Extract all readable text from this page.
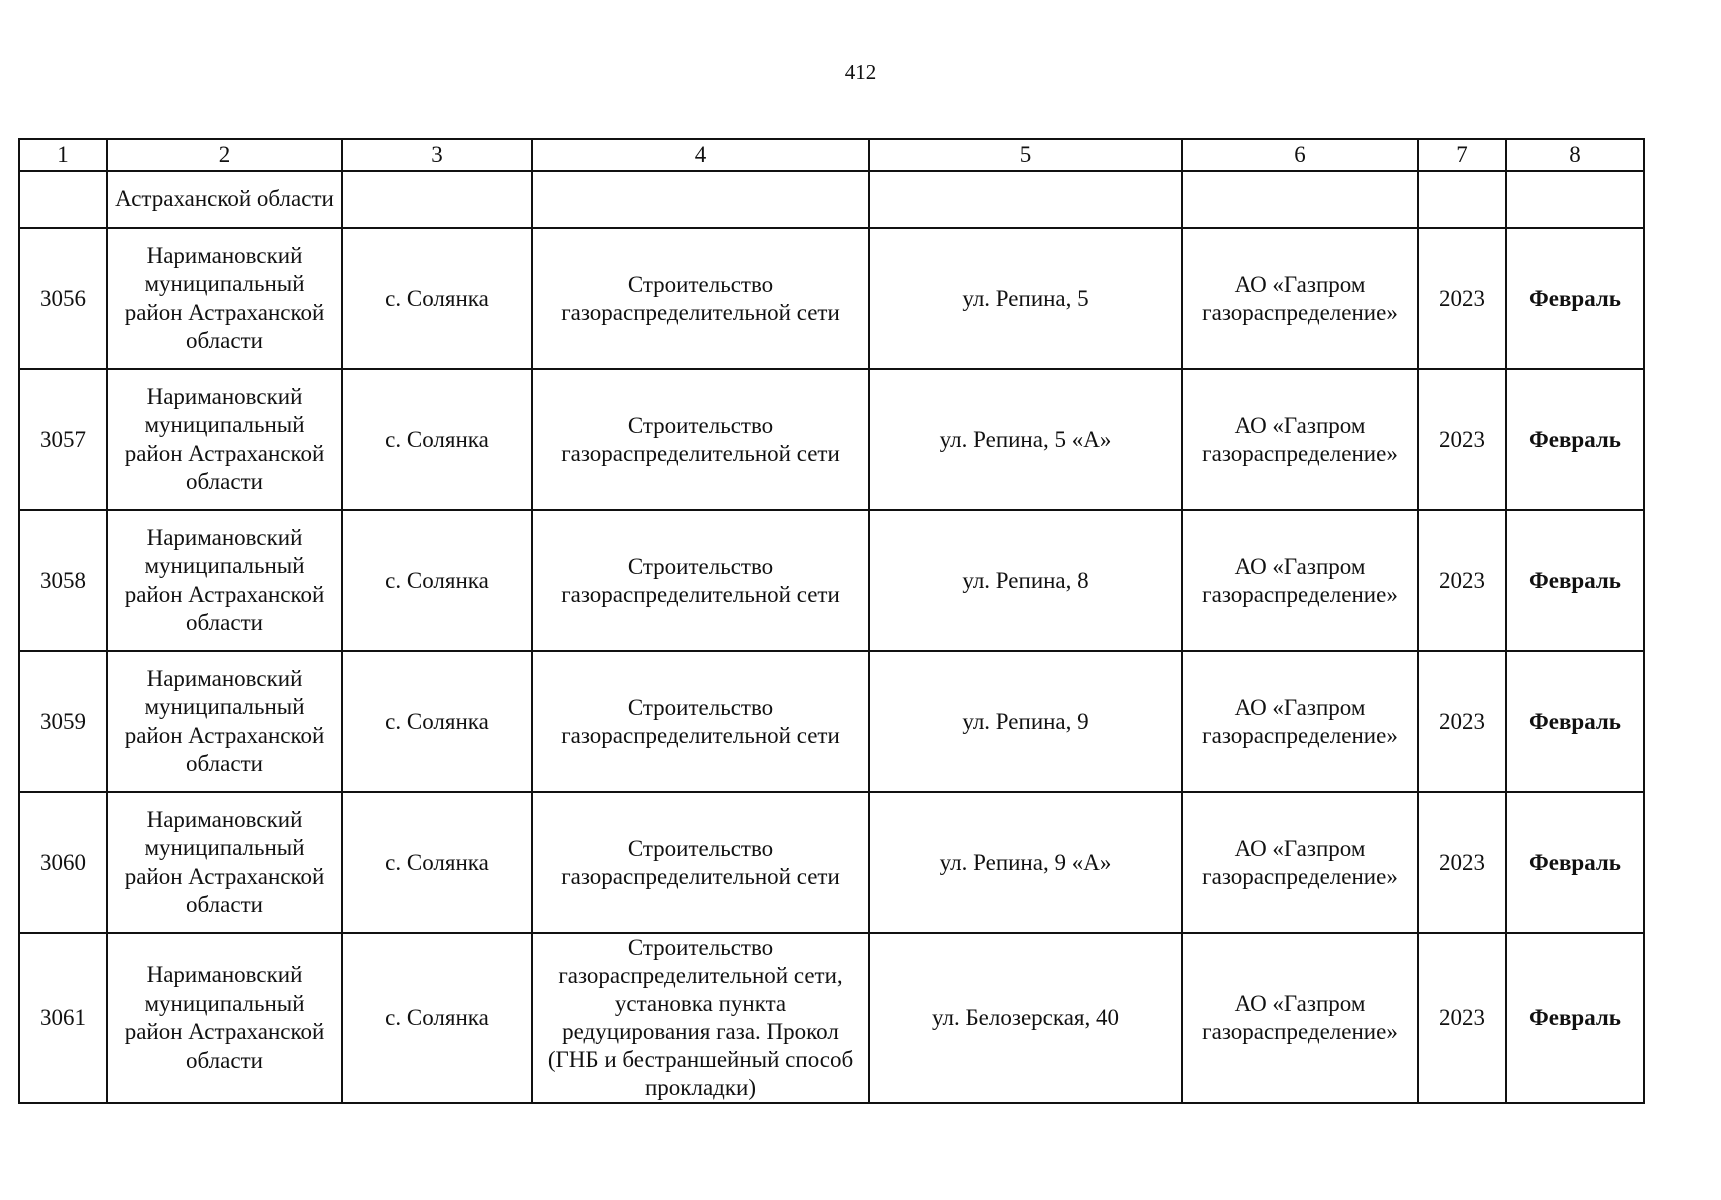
412
1	2	3	4	5	6	7	8
	Астраханской области						
3056	Наримановский муниципальный район Астраханской области	с. Солянка	Строительство газораспределительной сети	ул. Репина, 5	АО «Газпром газораспределение»	2023	Февраль
3057	Наримановский муниципальный район Астраханской области	с. Солянка	Строительство газораспределительной сети	ул. Репина, 5 «А»	АО «Газпром газораспределение»	2023	Февраль
3058	Наримановский муниципальный район Астраханской области	с. Солянка	Строительство газораспределительной сети	ул. Репина, 8	АО «Газпром газораспределение»	2023	Февраль
3059	Наримановский муниципальный район Астраханской области	с. Солянка	Строительство газораспределительной сети	ул. Репина, 9	АО «Газпром газораспределение»	2023	Февраль
3060	Наримановский муниципальный район Астраханской области	с. Солянка	Строительство газораспределительной сети	ул. Репина, 9 «А»	АО «Газпром газораспределение»	2023	Февраль
3061	Наримановский муниципальный район Астраханской области	с. Солянка	Строительство газораспределительной сети, установка пункта редуцирования газа. Прокол (ГНБ и бестраншейный способ прокладки)	ул. Белозерская, 40	АО «Газпром газораспределение»	2023	Февраль
